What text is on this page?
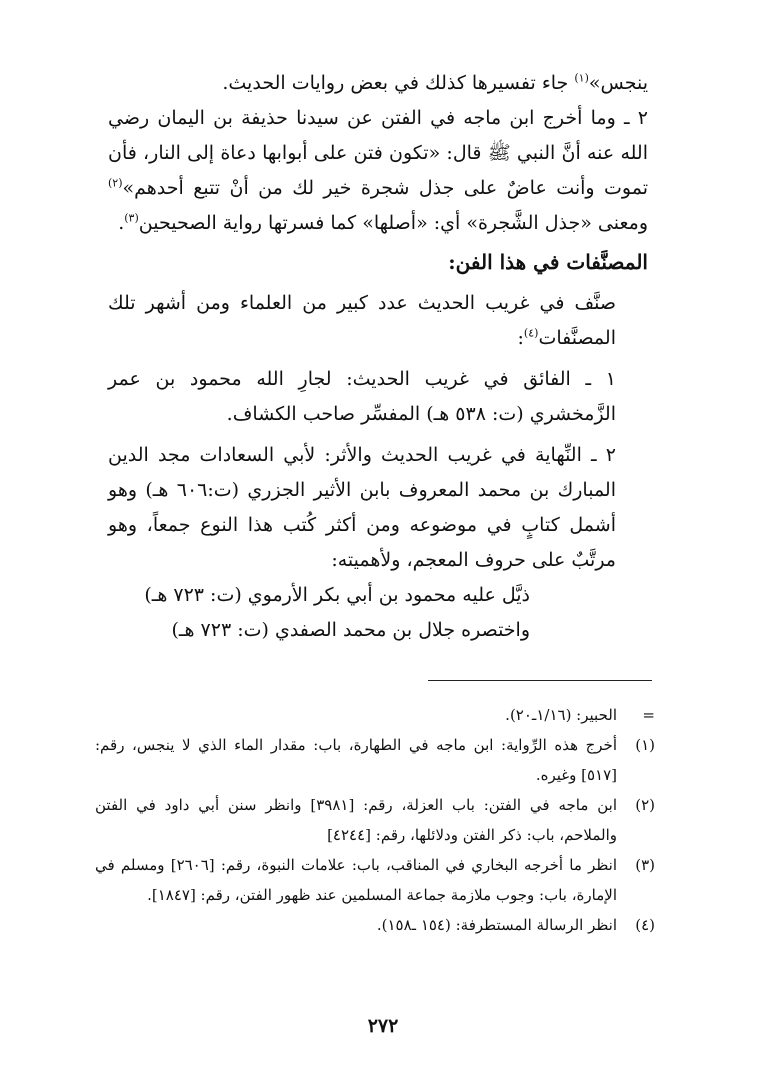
ينجس»$^{(١)}$ جاء تفسيرها كذلك في بعض روايات الحديث.

٢ ـ وما أخرج ابن ماجه في الفتن عن سيدنا حذيفة بن اليمان رضي الله عنه أنَّ النبي ﷺ قال: «تكون فتن على أبوابها دعاة إلى النار، فأن تموت وأنت عاضٌ على جذل شجرة خير لك من أنْ تتبع أحدهم»$^{(٢)}$ ومعنى «جذل الشَّجرة» أي: «أصلها» كما فسرتها رواية الصحيحين$^{(٣)}$.

المصنَّفات في هذا الفن:

صنَّف في غريب الحديث عدد كبير من العلماء ومن أشهر تلك المصنَّفات$^{(٤)}$:

١ ـ الفائق في غريب الحديث: لجارِ الله محمود بن عمر الزَّمخشري (ت: ٥٣٨ هـ) المفسِّر صاحب الكشاف.

٢ ـ النِّهاية في غريب الحديث والأثر: لأبي السعادات مجد الدين المبارك بن محمد المعروف بابن الأثير الجزري (ت:٦٠٦ هـ) وهو أشمل كتابٍ في موضوعه ومن أكثر كُتب هذا النوع جمعاً، وهو مرتَّبٌ على حروف المعجم، ولأهميته:

ذيَّل عليه محمود بن أبي بكر الأرموي (ت: ٧٢٣ هـ)

واختصره جلال بن محمد الصفدي (ت: ٧٢٣ هـ)

=
الحبير: (١/١٦ـ٢٠).

(١)
أخرج هذه الرِّواية: ابن ماجه في الطهارة، باب: مقدار الماء الذي لا ينجس، رقم: [٥١٧] وغيره.

(٢)
ابن ماجه في الفتن: باب العزلة، رقم: [٣٩٨١] وانظر سنن أبي داود في الفتن والملاحم، باب: ذكر الفتن ودلائلها، رقم: [٤٢٤٤]

(٣)
انظر ما أخرجه البخاري في المناقب، باب: علامات النبوة، رقم: [٢٦٠٦] ومسلم في الإمارة، باب: وجوب ملازمة جماعة المسلمين عند ظهور الفتن، رقم: [١٨٤٧].

(٤)
انظر الرسالة المستطرفة: (١٥٤ ـ١٥٨).

٢٧٢
